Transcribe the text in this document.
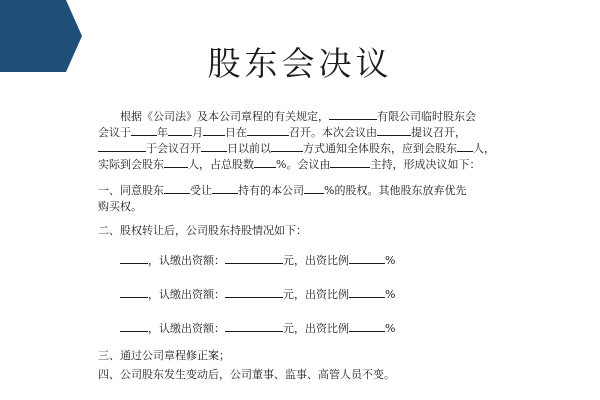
股东会决议

根据《公司法》及本公司章程的有关规定，	有限公司临时股东会

会议于 年 月 日在	召开。本次会议由	提议召开，

于会议召开 日以前以	方式通知全体股东，应到会股东 人，

实际到会股东 人，占总股数 %。会议由	主持，形成决议如下：

一、同意股东 受让 持有的本公司 %的股权。其他股东放弃优先
购买权。

二、股权转让后，公司股东持股情况如下：

，认缴出资额：	元，出资比例	%
，认缴出资额：	元，出资比例	%
，认缴出资额：	元，出资比例	%

三、通过公司章程修正案；

四、公司股东发生变动后，公司董事、监事、高管人员不变。
